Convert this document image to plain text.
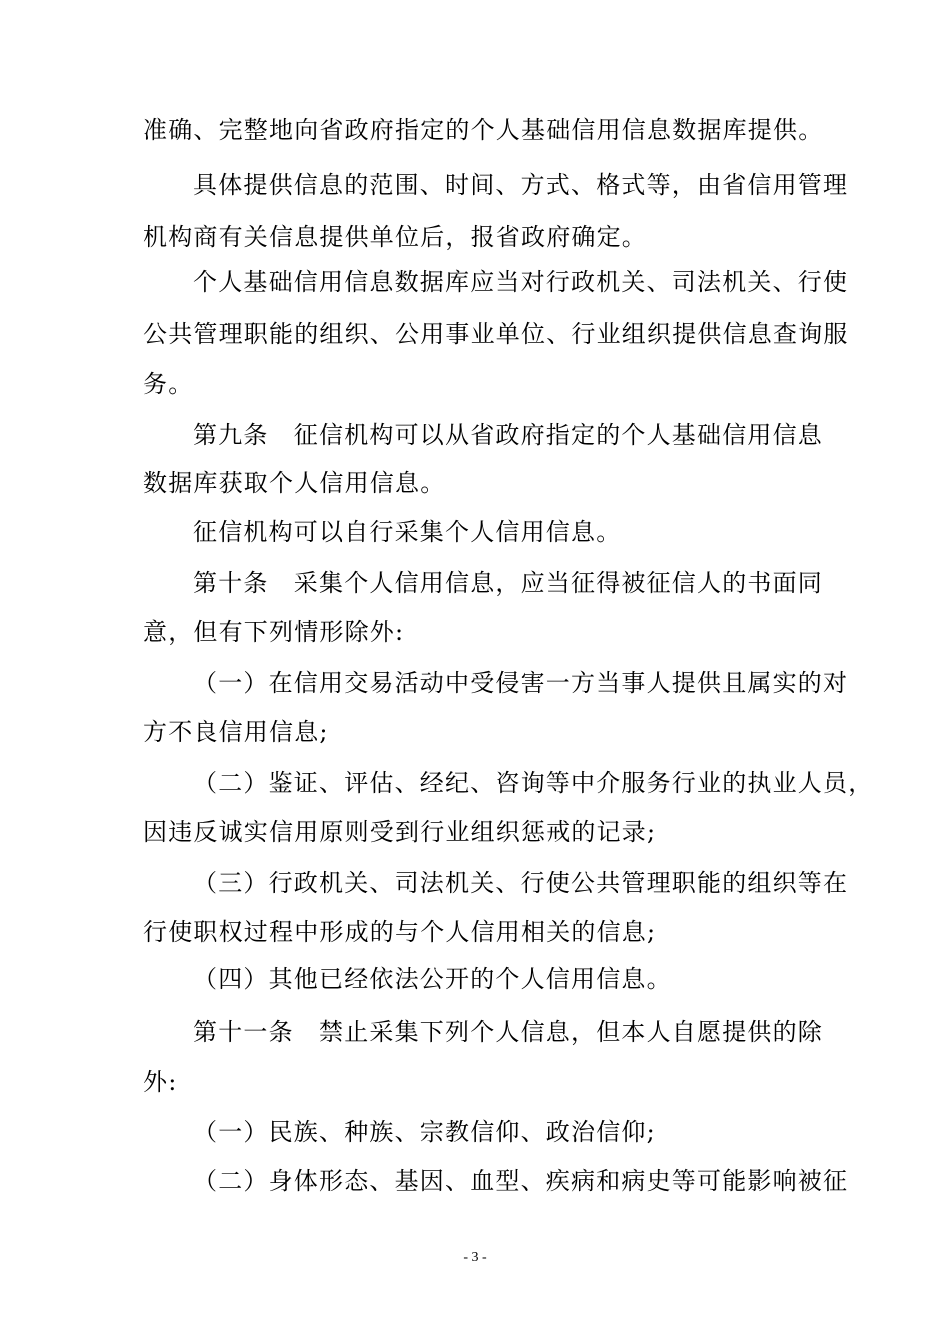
准确、完整地向省政府指定的个人基础信用信息数据库提供。
具体提供信息的范围、时间、方式、格式等，由省信用管理
机构商有关信息提供单位后，报省政府确定。
个人基础信用信息数据库应当对行政机关、司法机关、行使
公共管理职能的组织、公用事业单位、行业组织提供信息查询服
务。
第九条　征信机构可以从省政府指定的个人基础信用信息
数据库获取个人信用信息。
征信机构可以自行采集个人信用信息。
第十条　采集个人信用信息，应当征得被征信人的书面同
意，但有下列情形除外:
（一）在信用交易活动中受侵害一方当事人提供且属实的对
方不良信用信息;
（二）鉴证、评估、经纪、咨询等中介服务行业的执业人员，
因违反诚实信用原则受到行业组织惩戒的记录;
（三）行政机关、司法机关、行使公共管理职能的组织等在
行使职权过程中形成的与个人信用相关的信息;
（四）其他已经依法公开的个人信用信息。
第十一条　禁止采集下列个人信息，但本人自愿提供的除
外:
（一）民族、种族、宗教信仰、政治信仰;
（二）身体形态、基因、血型、疾病和病史等可能影响被征
- 3 -
